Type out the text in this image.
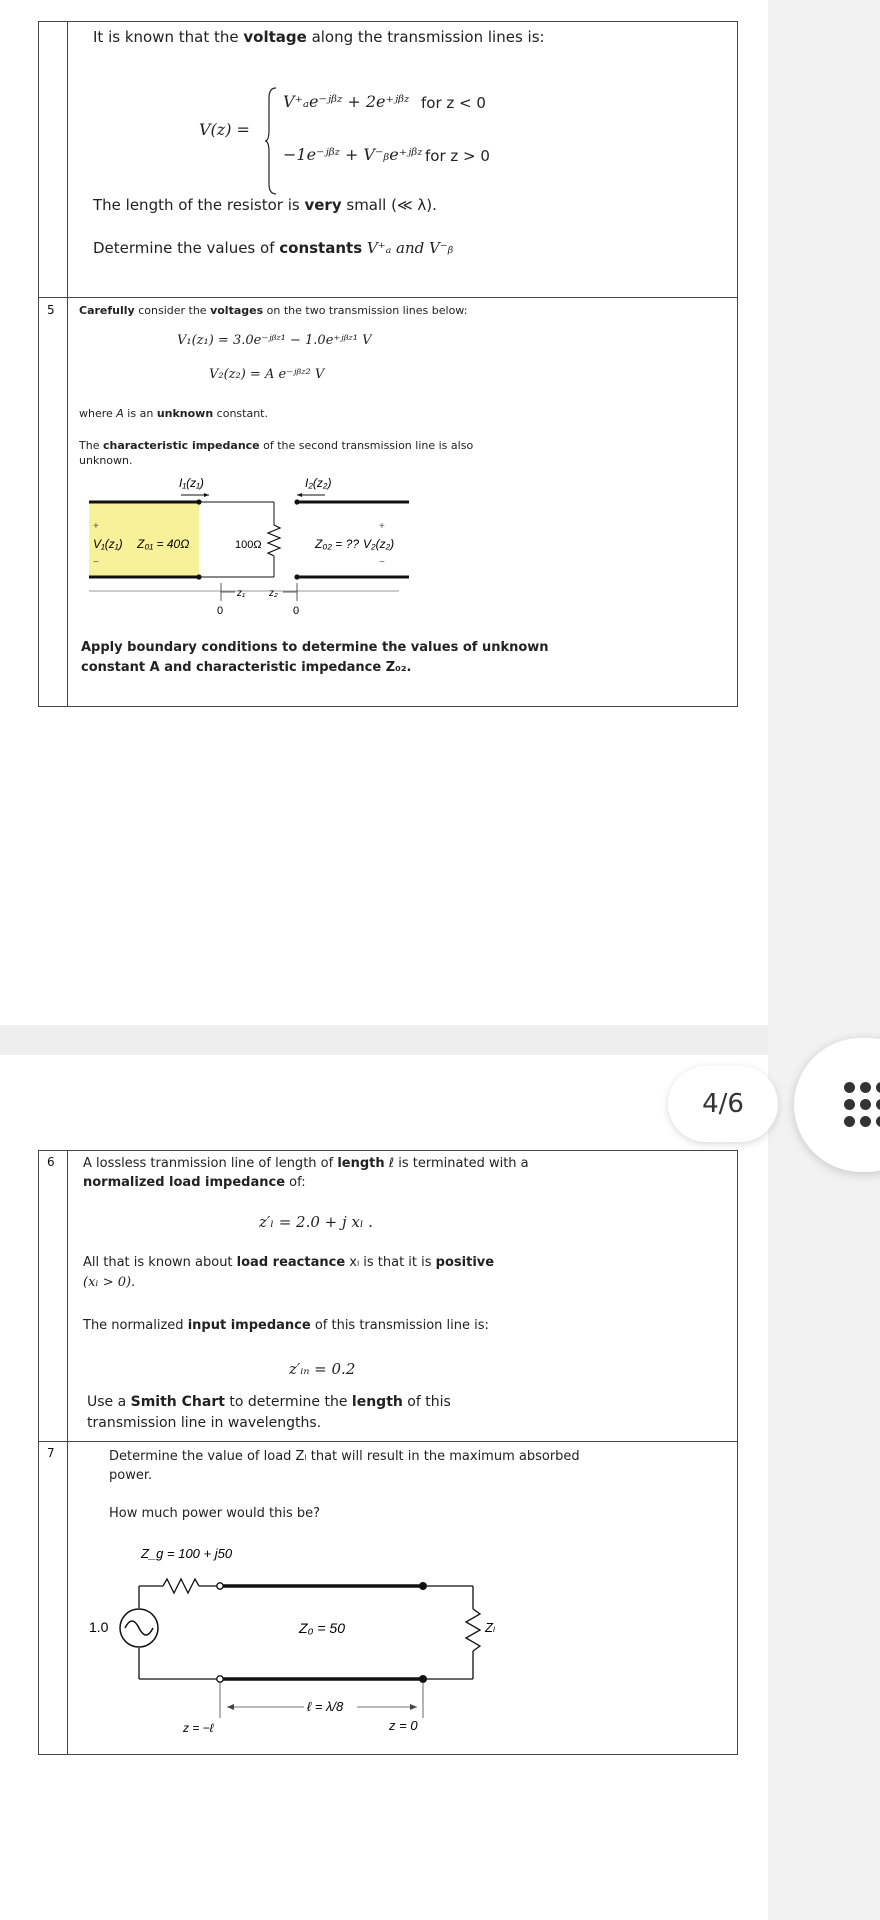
It is known that the voltage along the transmission lines is:
V(z) =
V⁺ₐe⁻ʲᵝᶻ + 2e⁺ʲᵝᶻ for z < 0
−1e⁻ʲᵝᶻ + V⁻ᵦe⁺ʲᵝᶻ for z > 0
The length of the resistor is very small (≪ λ).
Determine the values of constants V⁺ₐ and V⁻ᵦ
5 Carefully consider the voltages on the two transmission lines below:
V₁(z₁) = 3.0e⁻ʲᵝᶻ¹ − 1.0e⁺ʲᵝᶻ¹ V
V₂(z₂) = A e⁻ʲᵝᶻ² V
where A is an unknown constant.
The characteristic impedance of the second transmission line is also
unknown.
I₁(z₁)	I₂(z₂)
+
−
V₁(z₁) Z₀₁ = 40Ω	100Ω	Z₀₂ = ??
+
−
V₂(z₂)
z₁ z₂
0	0
Apply boundary conditions to determine the values of unknown
constant A and characteristic impedance Z₀₂.
6 A lossless tranmission line of length of length ℓ is terminated with a
normalized load impedance of:
z′ₗ = 2.0 + j xₗ .
All that is known about load reactance xₗ is that it is positive
(xₗ > 0).
The normalized input impedance of this transmission line is:
z′ᵢₙ = 0.2
Use a Smith Chart to determine the length of this
transmission line in wavelengths.
7	Determine the value of load Zₗ that will result in the maximum absorbed
power.
How much power would this be?
Z_g = 100 + j50
1.0	Z₀ = 50	Zₗ
ℓ = λ/8
z = −ℓ	z = 0
4/6
